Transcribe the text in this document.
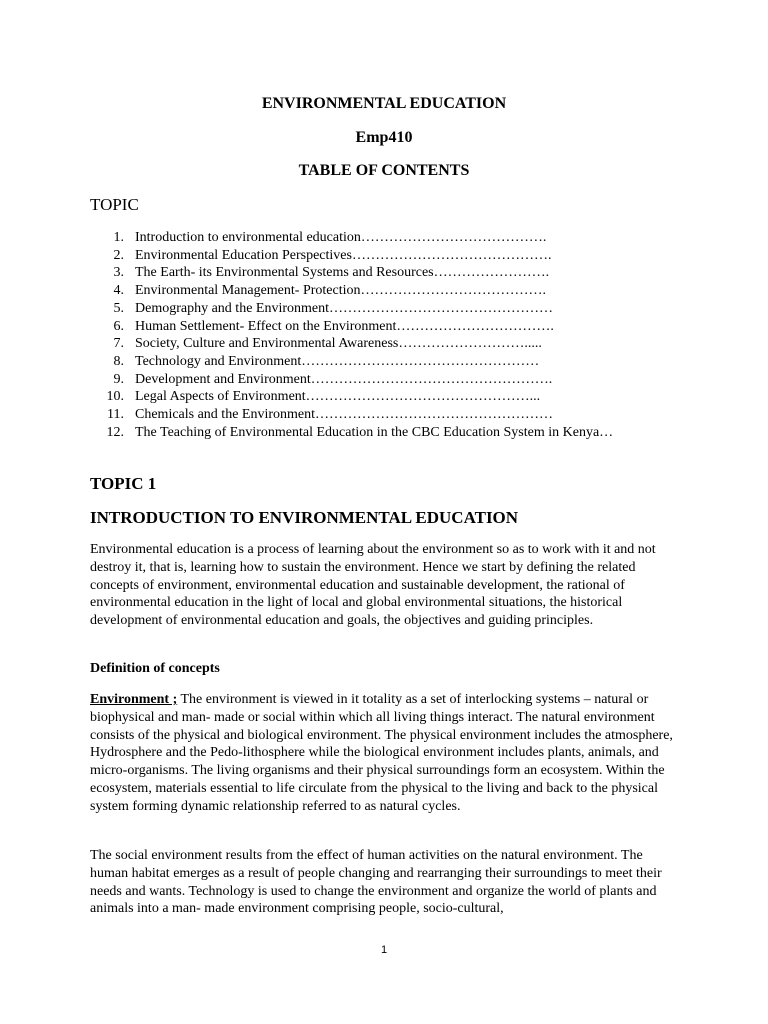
ENVIRONMENTAL EDUCATION
Emp410
TABLE OF CONTENTS
TOPIC
1. Introduction to environmental education………………………………….
2. Environmental Education Perspectives…………………………………….
3. The Earth- its Environmental Systems and Resources…………………….
4. Environmental Management- Protection………………………………….
5. Demography and the Environment…………………………………………
6. Human Settlement- Effect on the Environment…………………………….
7. Society, Culture and Environmental Awareness……………………….....
8. Technology and Environment……………………………………………
9. Development and Environment…………………………………………….
10. Legal Aspects of Environment…………………………………………...
11. Chemicals and the Environment……………………………………………
12. The Teaching of Environmental Education in the CBC Education System in Kenya…
TOPIC 1
INTRODUCTION TO ENVIRONMENTAL EDUCATION

Environmental education is a process of learning about the environment so as to work with it and not destroy it, that is, learning how to sustain the environment. Hence we start by defining the related concepts of environment, environmental education and sustainable development, the rational of environmental education in the light of local and global environmental situations, the historical development of environmental education and goals, the objectives and guiding principles.

Definition of concepts

Environment ; The environment is viewed in it totality as a set of interlocking systems – natural or biophysical and man- made or social within which all living things interact. The natural environment consists of the physical and biological environment. The physical environment includes the atmosphere, Hydrosphere and the Pedo-lithosphere while the biological environment includes plants, animals, and micro-organisms. The living organisms and their physical surroundings form an ecosystem. Within the ecosystem, materials essential to life circulate from the physical to the living and back to the physical system forming dynamic relationship referred to as natural cycles.

The social environment results from the effect of human activities on the natural environment. The human habitat emerges as a result of people changing and rearranging their surroundings to meet their needs and wants. Technology is used to change the environment and organize the world of plants and animals into a man- made environment comprising people, socio-cultural,

1
